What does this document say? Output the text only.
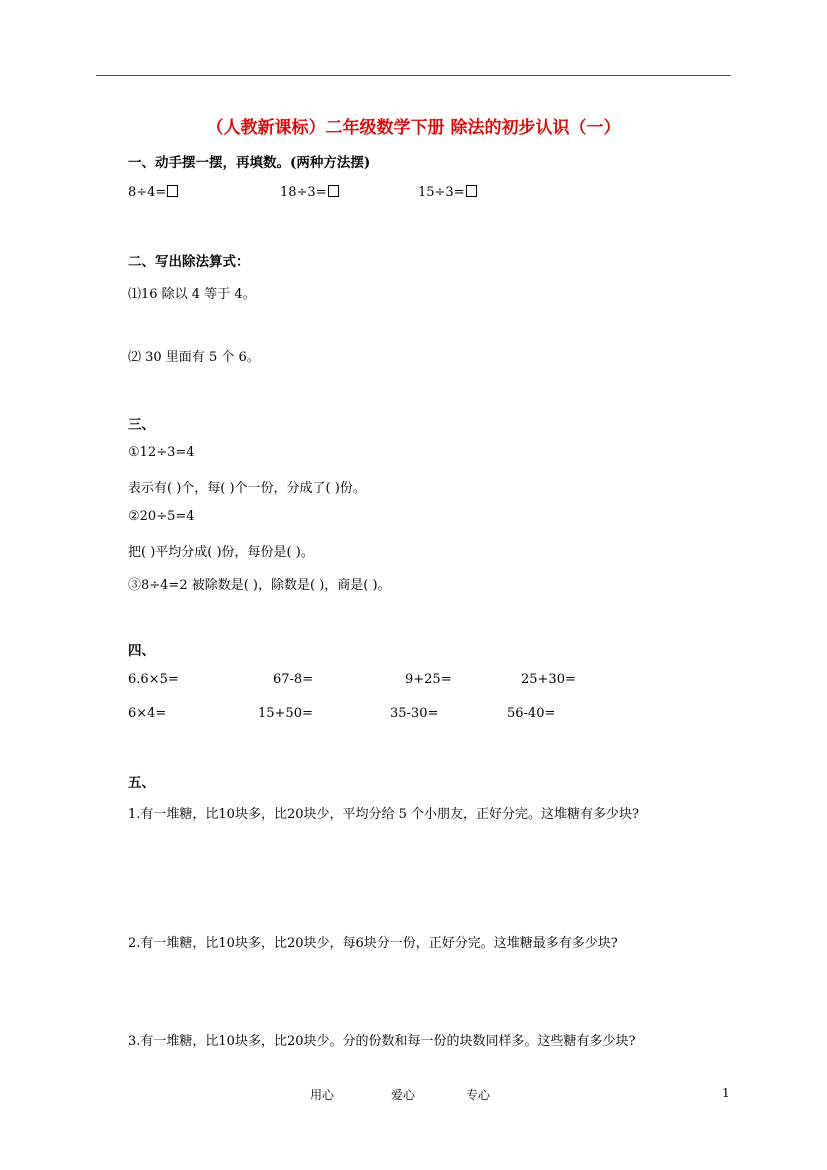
（人教新课标）二年级数学下册 除法的初步认识（一）
一、动手摆一摆，再填数。(两种方法摆)
8÷4=	18÷3=	15÷3=
二、写出除法算式：
⑴16 除以 4 等于 4。
⑵ 30 里面有 5 个 6。
三、
①12÷3=4
表示有( )个，每( )个一份，分成了( )份。
②20÷5=4
把( )平均分成( )份，每份是( )。
③8÷4=2 被除数是( )，除数是( )，商是( )。
四、
6.6×5=	67-8=	9+25=	25+30=
6×4=	15+50=	35-30=	56-40=
五、
1.有一堆糖，比10块多，比20块少，平均分给 5 个小朋友，正好分完。这堆糖有多少块?
2.有一堆糖，比10块多，比20块少，每6块分一份，正好分完。这堆糖最多有多少块?
3.有一堆糖，比10块多，比20块少。分的份数和每一份的块数同样多。这些糖有多少块?
用心	爱心	专心	1
